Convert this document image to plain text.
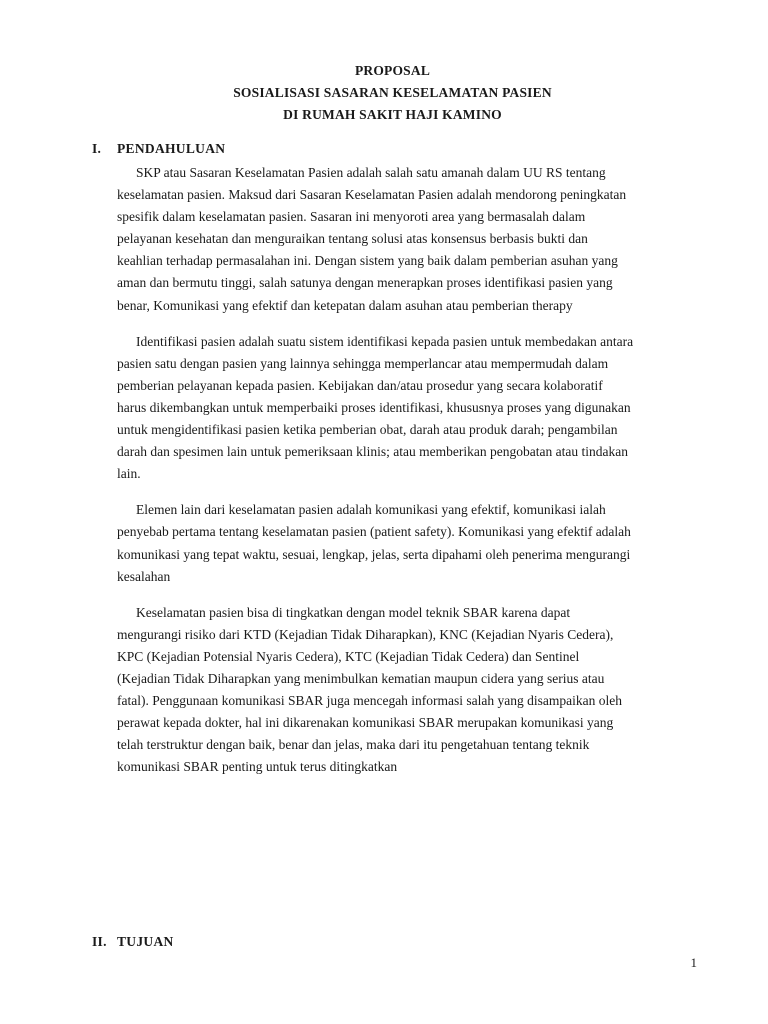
PROPOSAL
SOSIALISASI SASARAN KESELAMATAN PASIEN
DI RUMAH SAKIT HAJI KAMINO
I. PENDAHULUAN
SKP atau Sasaran Keselamatan Pasien adalah salah satu amanah dalam UU RS tentang
keselamatan pasien. Maksud dari Sasaran Keselamatan Pasien adalah mendorong peningkatan
spesifik dalam keselamatan pasien. Sasaran ini menyoroti area yang bermasalah dalam
pelayanan kesehatan dan menguraikan tentang solusi atas konsensus berbasis bukti dan
keahlian terhadap permasalahan ini. Dengan sistem yang baik dalam pemberian asuhan yang
aman dan bermutu tinggi, salah satunya dengan menerapkan proses identifikasi pasien yang
benar, Komunikasi yang efektif dan ketepatan dalam asuhan atau pemberian therapy
Identifikasi pasien adalah suatu sistem identifikasi kepada pasien untuk membedakan antara
pasien satu dengan pasien yang lainnya sehingga memperlancar atau mempermudah dalam
pemberian pelayanan kepada pasien. Kebijakan dan/atau prosedur yang secara kolaboratif
harus dikembangkan untuk memperbaiki proses identifikasi, khususnya proses yang digunakan
untuk mengidentifikasi pasien ketika pemberian obat, darah atau produk darah; pengambilan
darah dan spesimen lain untuk pemeriksaan klinis; atau memberikan pengobatan atau tindakan
lain.
Elemen lain dari keselamatan pasien adalah komunikasi yang efektif, komunikasi ialah
penyebab pertama tentang keselamatan pasien (patient safety). Komunikasi yang efektif adalah
komunikasi yang tepat waktu, sesuai, lengkap, jelas, serta dipahami oleh penerima mengurangi
kesalahan
Keselamatan pasien bisa di tingkatkan dengan model teknik SBAR karena dapat
mengurangi risiko dari KTD (Kejadian Tidak Diharapkan), KNC (Kejadian Nyaris Cedera),
KPC (Kejadian Potensial Nyaris Cedera), KTC (Kejadian Tidak Cedera) dan Sentinel
(Kejadian Tidak Diharapkan yang menimbulkan kematian maupun cidera yang serius atau
fatal). Penggunaan komunikasi SBAR juga mencegah informasi salah yang disampaikan oleh
perawat kepada dokter, hal ini dikarenakan komunikasi SBAR merupakan komunikasi yang
telah terstruktur dengan baik, benar dan jelas, maka dari itu pengetahuan tentang teknik
komunikasi SBAR penting untuk terus ditingkatkan
II. TUJUAN
1
